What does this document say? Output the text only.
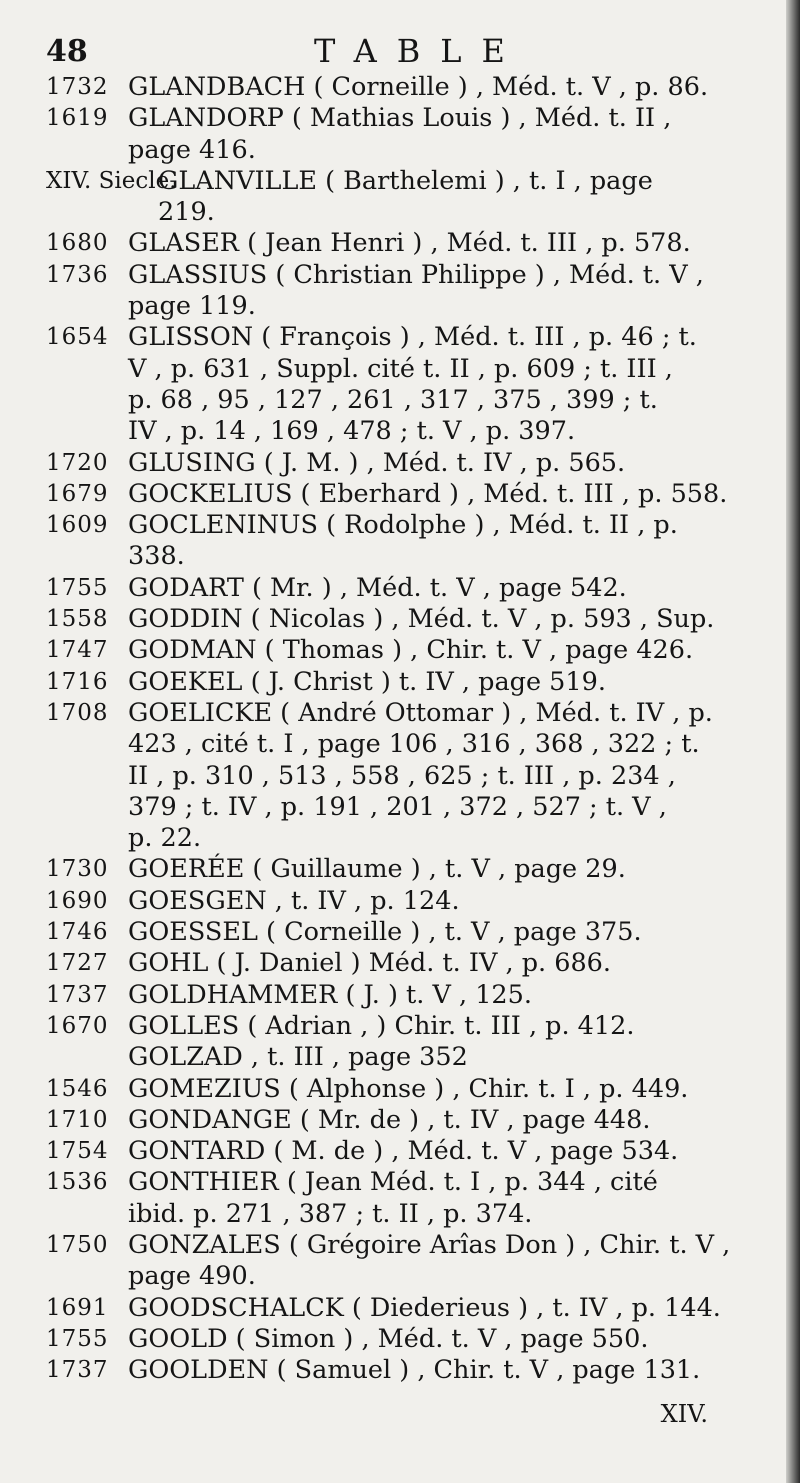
48	TABLE
1732 GLANDBACH ( Corneille ) , Méd. t. V , p. 86.
1619 GLANDORP ( Mathias Louis ) , Méd. t. II ,
page 416.
XIV. Siecle.
GLANVILLE ( Barthelemi ) , t. I , page
219.
1680 GLASER ( Jean Henri ) , Méd. t. III , p. 578.
1736 GLASSIUS ( Christian Philippe ) , Méd. t. V ,
page 119.
1654 GLISSON ( François ) , Méd. t. III , p. 46 ; t.
V , p. 631 , Suppl. cité t. II , p. 609 ; t. III ,
p. 68 , 95 , 127 , 261 , 317 , 375 , 399 ; t.
IV , p. 14 , 169 , 478 ; t. V , p. 397.
1720 GLUSING ( J. M. ) , Méd. t. IV , p. 565.
1679 GOCKELIUS ( Eberhard ) , Méd. t. III , p. 558.
1609 GOCLENINUS ( Rodolphe ) , Méd. t. II , p.
338.
1755 GODART ( Mr. ) , Méd. t. V , page 542.
1558 GODDIN ( Nicolas ) , Méd. t. V , p. 593 , Sup.
1747 GODMAN ( Thomas ) , Chir. t. V , page 426.
1716 GOEKEL ( J. Christ ) t. IV , page 519.
1708 GOELICKE ( André Ottomar ) , Méd. t. IV , p.
423 , cité t. I , page 106 , 316 , 368 , 322 ; t.
II , p. 310 , 513 , 558 , 625 ; t. III , p. 234 ,
379 ; t. IV , p. 191 , 201 , 372 , 527 ; t. V ,
p. 22.
1730 GOERÉE ( Guillaume ) , t. V , page 29.
1690 GOESGEN , t. IV , p. 124.
1746 GOESSEL ( Corneille ) , t. V , page 375.
1727 GOHL ( J. Daniel ) Méd. t. IV , p. 686.
1737 GOLDHAMMER ( J. ) t. V , 125.
1670 GOLLES ( Adrian , ) Chir. t. III , p. 412.
GOLZAD , t. III , page 352
1546 GOMEZIUS ( Alphonse ) , Chir. t. I , p. 449.
1710 GONDANGE ( Mr. de ) , t. IV , page 448.
1754 GONTARD ( M. de ) , Méd. t. V , page 534.
1536 GONTHIER ( Jean Méd. t. I , p. 344 , cité
ibid. p. 271 , 387 ; t. II , p. 374.
1750 GONZALES ( Grégoire Arîas Don ) , Chir. t. V ,
page 490.
1691 GOODSCHALCK ( Diederieus ) , t. IV , p. 144.
1755 GOOLD ( Simon ) , Méd. t. V , page 550.
1737 GOOLDEN ( Samuel ) , Chir. t. V , page 131.
XIV.
